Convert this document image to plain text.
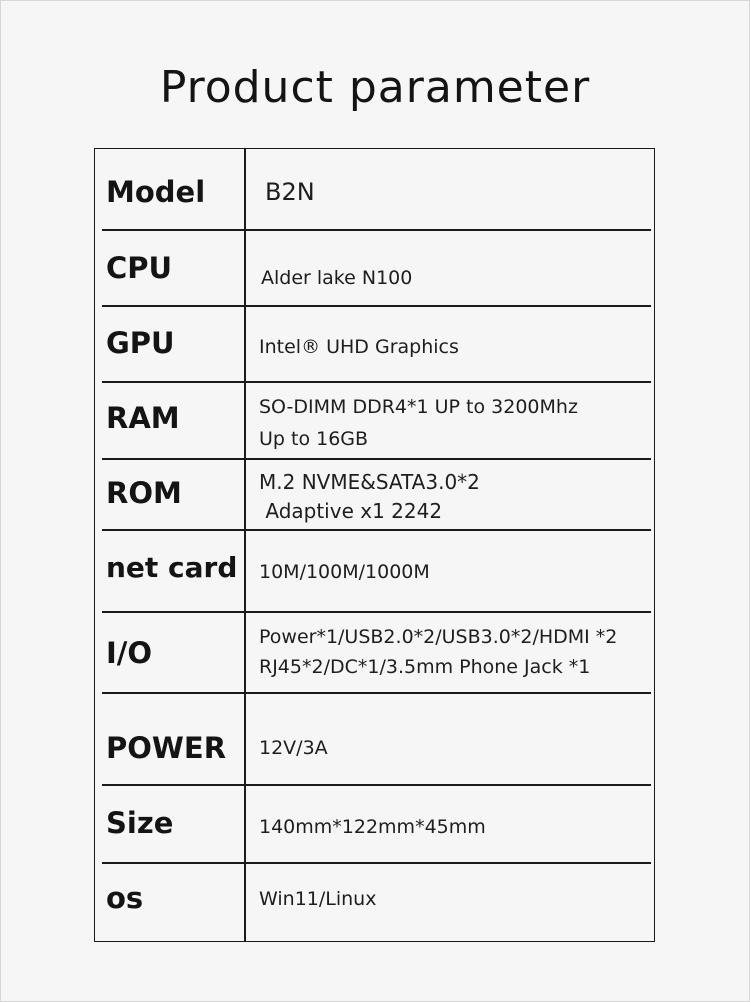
Product parameter
Model B2N
CPU	Alder lake N100
GPU	Intel® UHD Graphics
RAM	SO-DIMM DDR4*1 UP to 3200Mhz
Up to 16GB
ROM	M.2 NVME&SATA3.0*2
Adaptive x1 2242
net card 10M/100M/1000M
I/O	Power*1/USB2.0*2/USB3.0*2/HDMI *2
RJ45*2/DC*1/3.5mm Phone Jack *1
POWER 12V/3A
Size	140mm*122mm*45mm
os	Win11/Linux
